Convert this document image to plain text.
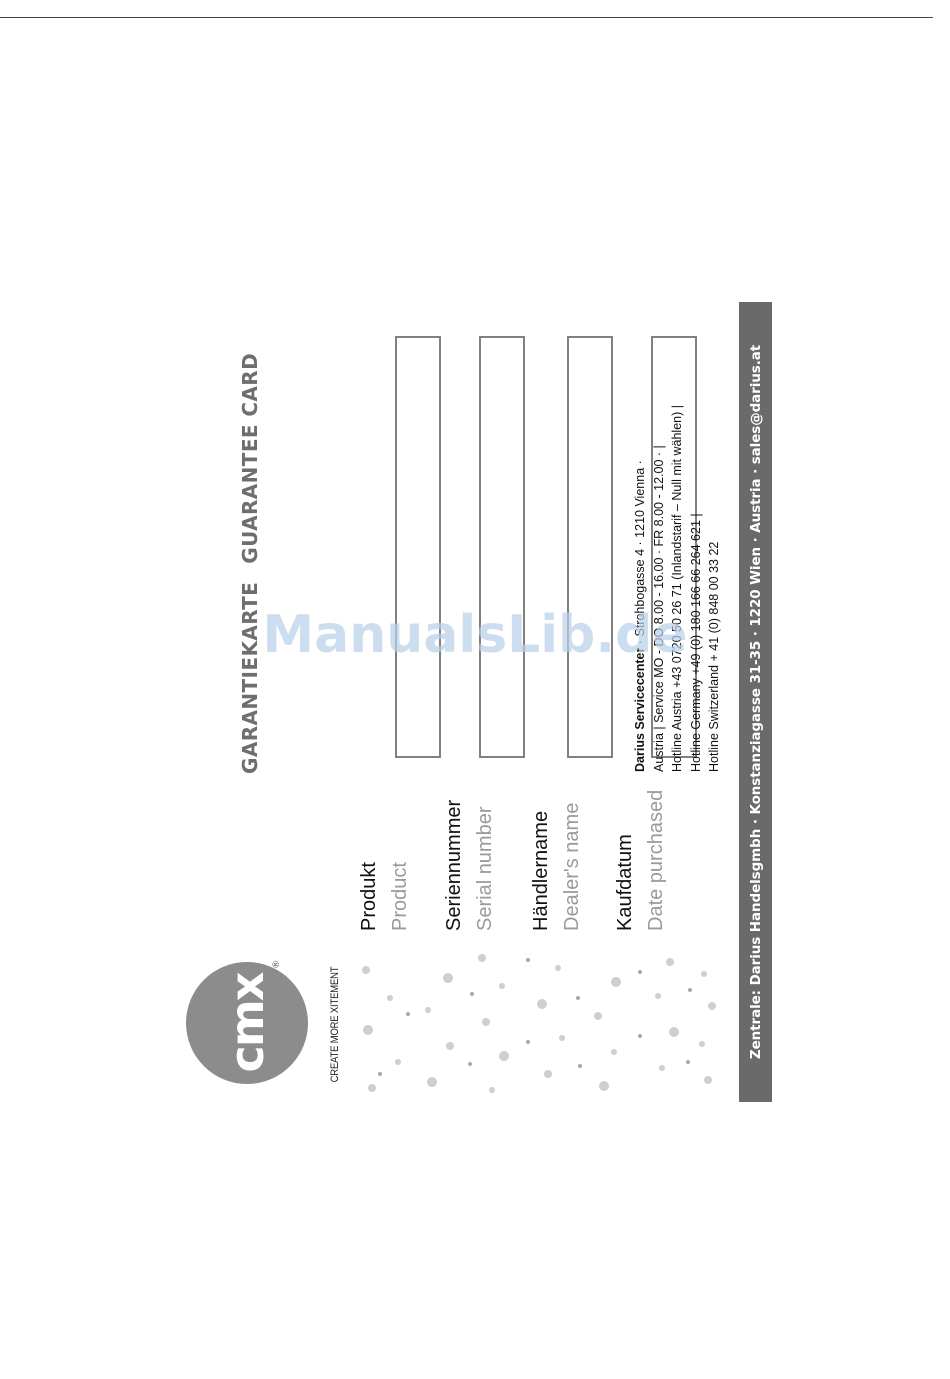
cmx
®
CREATE MORE XITEMENT
Produkt Product Seriennummer Serial number Händlername Dealer's name Kaufdatum Date purchased
GARANTIEKARTEGUARANTEE CARD
Darius Servicecenter · Strohbogasse 4 · 1210 Vienna · Austria | Service MO - DO 8.00 - 16.00 · FR 8.00 - 12.00 · | Hotline Austria +43 0720 50 26 71 (Inlandstarif – Null mit wählen) | Hotline Germany +49 (0) 180 166 66 264 621 | Hotline Switzerland + 41 (0) 848 00 33 22	Zentrale: Darius Handelsgmbh · Konstanziagasse 31-35 · 1220 Wien · Austria · sales@darius.at
ManualsLib.de
